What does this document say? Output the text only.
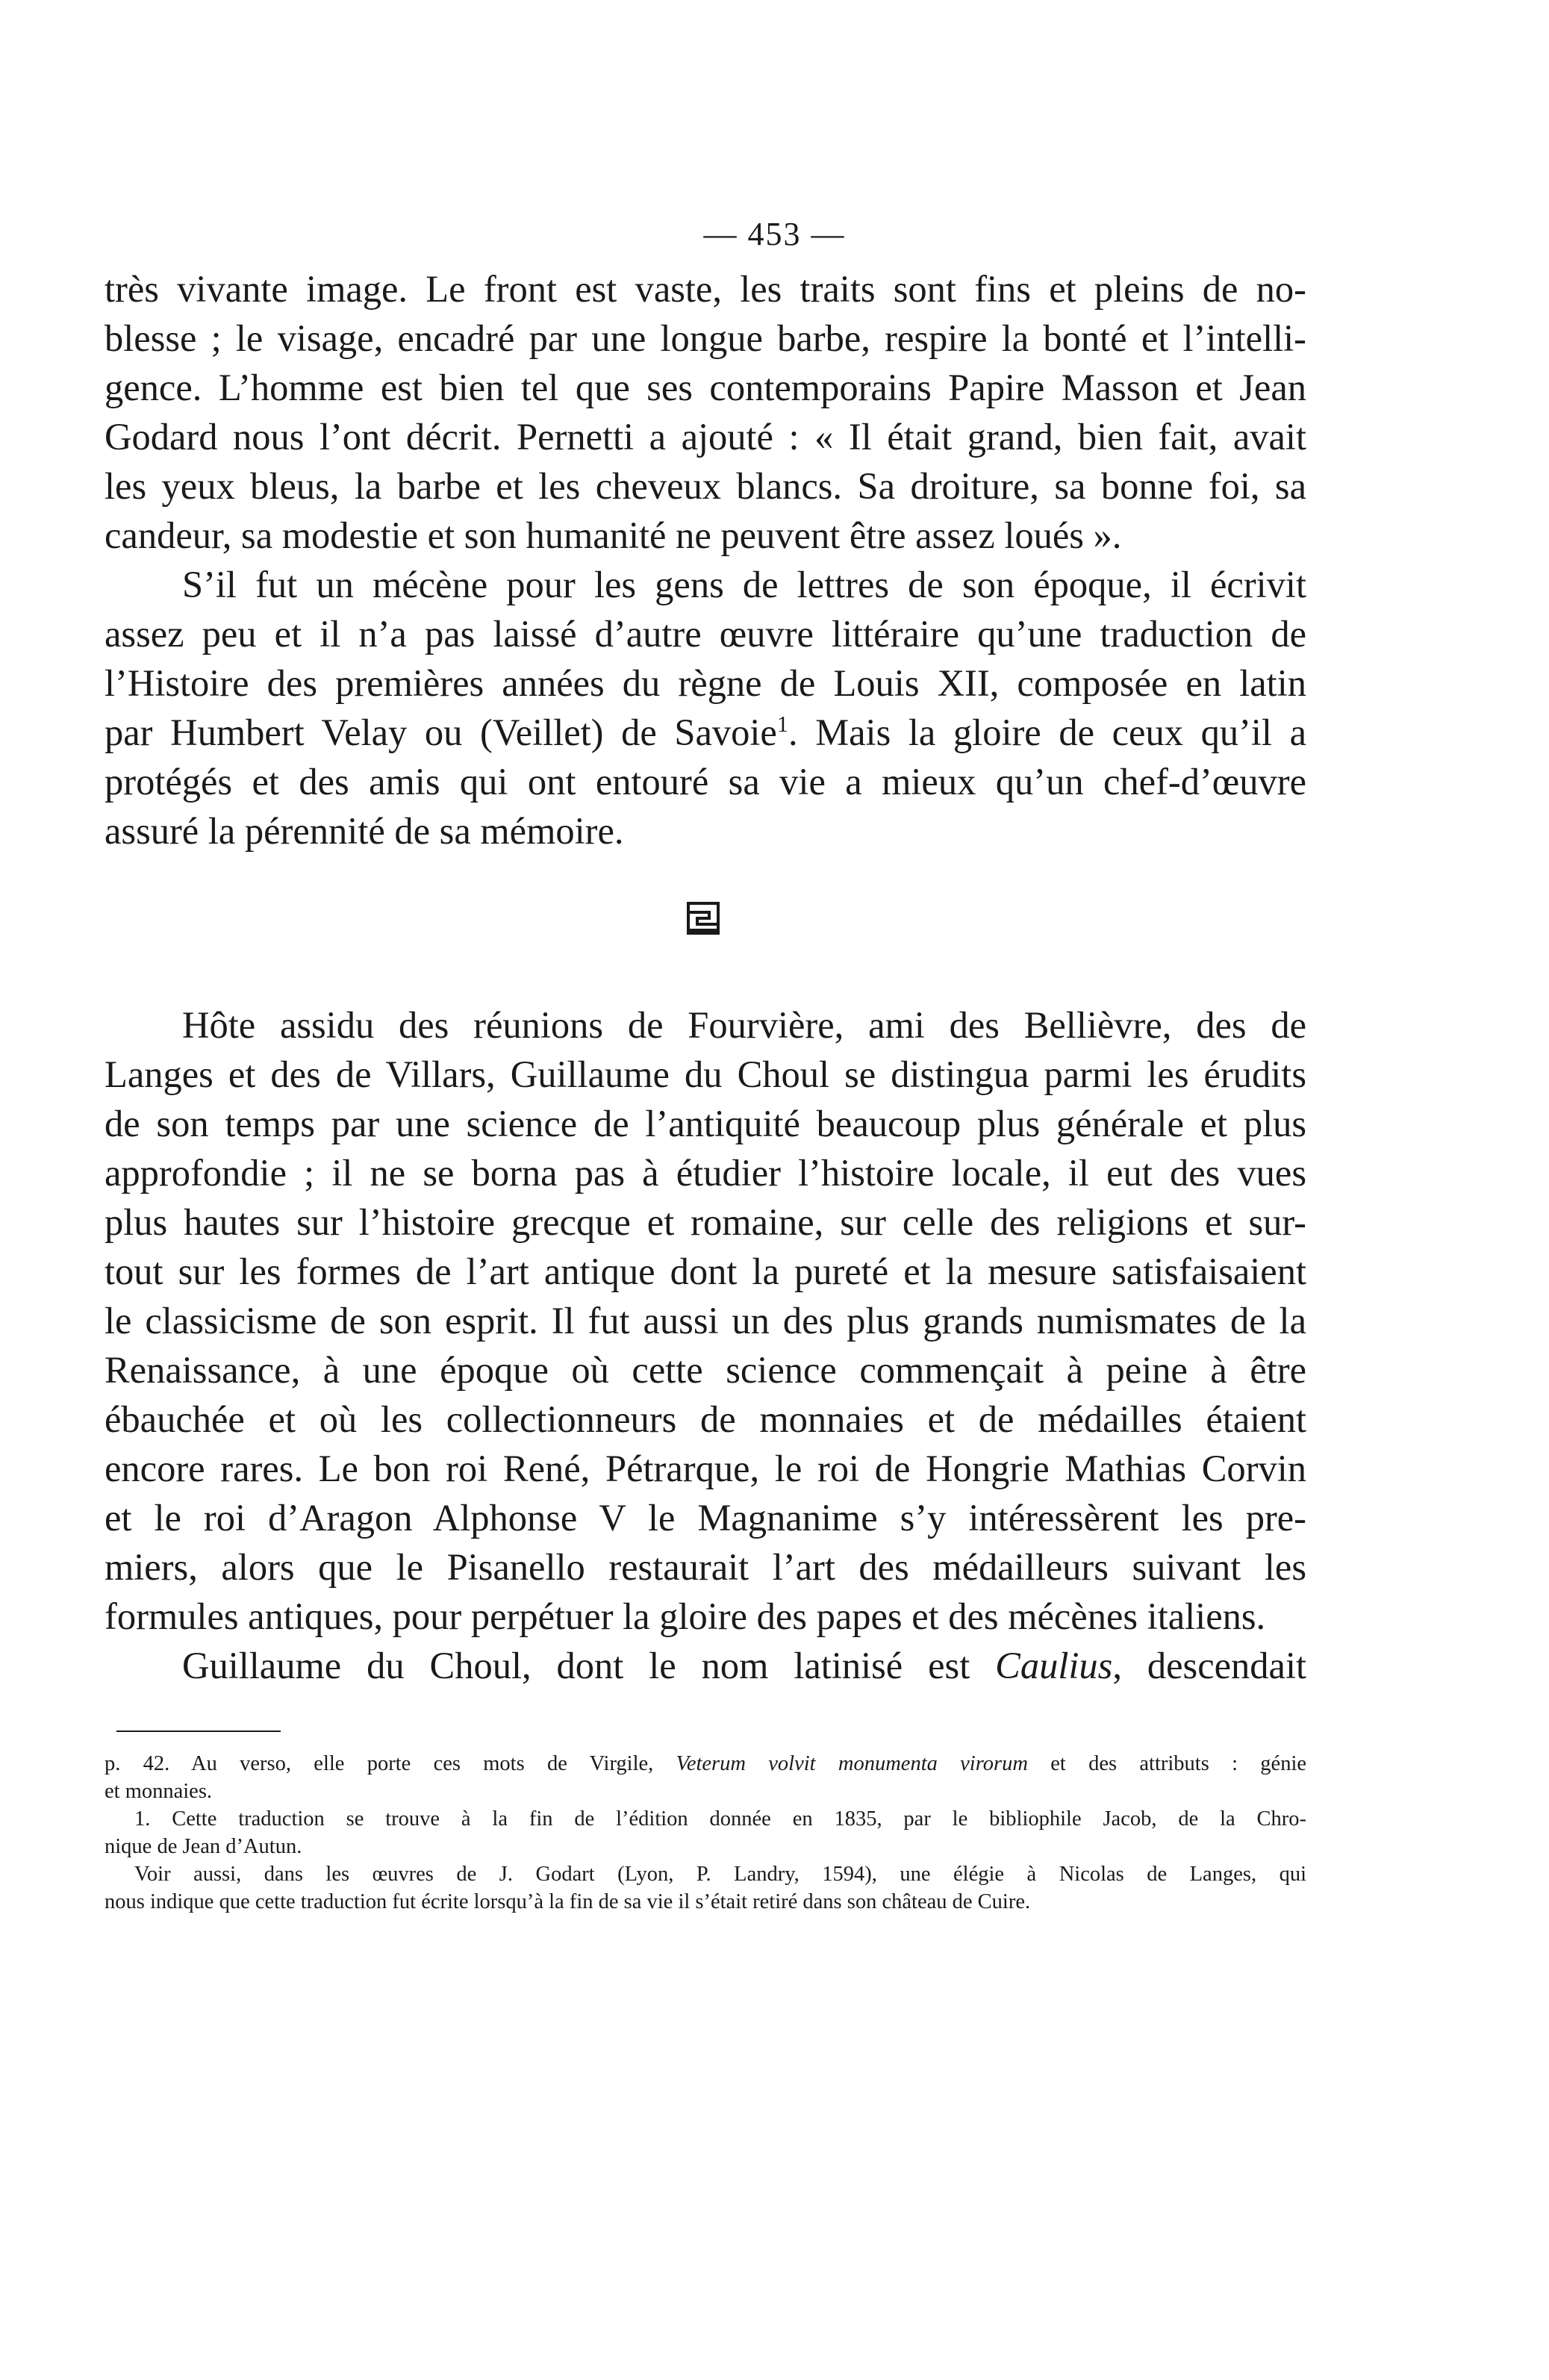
— 453 —
très vivante image. Le front est vaste, les traits sont fins et pleins de no-
blesse ; le visage, encadré par une longue barbe, respire la bonté et l’intelli-
gence. L’homme est bien tel que ses contemporains Papire Masson et Jean
Godard nous l’ont décrit. Pernetti a ajouté : « Il était grand, bien fait, avait
les yeux bleus, la barbe et les cheveux blancs. Sa droiture, sa bonne foi, sa
candeur, sa modestie et son humanité ne peuvent être assez loués ».
S’il fut un mécène pour les gens de lettres de son époque, il écrivit
assez peu et il n’a pas laissé d’autre œuvre littéraire qu’une traduction de
l’Histoire des premières années du règne de Louis XII, composée en latin
par Humbert Velay ou (Veillet) de Savoie$^1$. Mais la gloire de ceux qu’il a
protégés et des amis qui ont entouré sa vie a mieux qu’un chef-d’œuvre
assuré la pérennité de sa mémoire.
Hôte assidu des réunions de Fourvière, ami des Bellièvre, des de
Langes et des de Villars, Guillaume du Choul se distingua parmi les érudits
de son temps par une science de l’antiquité beaucoup plus générale et plus
approfondie ; il ne se borna pas à étudier l’histoire locale, il eut des vues
plus hautes sur l’histoire grecque et romaine, sur celle des religions et sur-
tout sur les formes de l’art antique dont la pureté et la mesure satisfaisaient
le classicisme de son esprit. Il fut aussi un des plus grands numismates de la
Renaissance, à une époque où cette science commençait à peine à être
ébauchée et où les collectionneurs de monnaies et de médailles étaient
encore rares. Le bon roi René, Pétrarque, le roi de Hongrie Mathias Corvin
et le roi d’Aragon Alphonse V le Magnanime s’y intéressèrent les pre-
miers, alors que le Pisanello restaurait l’art des médailleurs suivant les
formules antiques, pour perpétuer la gloire des papes et des mécènes italiens.
Guillaume du Choul, dont le nom latinisé est Caulius, descendait
p. 42. Au verso, elle porte ces mots de Virgile, Veterum volvit monumenta virorum et des attributs : génie
et monnaies.
1. Cette traduction se trouve à la fin de l’édition donnée en 1835, par le bibliophile Jacob, de la Chro-
nique de Jean d’Autun.
Voir aussi, dans les œuvres de J. Godart (Lyon, P. Landry, 1594), une élégie à Nicolas de Langes, qui
nous indique que cette traduction fut écrite lorsqu’à la fin de sa vie il s’était retiré dans son château de Cuire.
